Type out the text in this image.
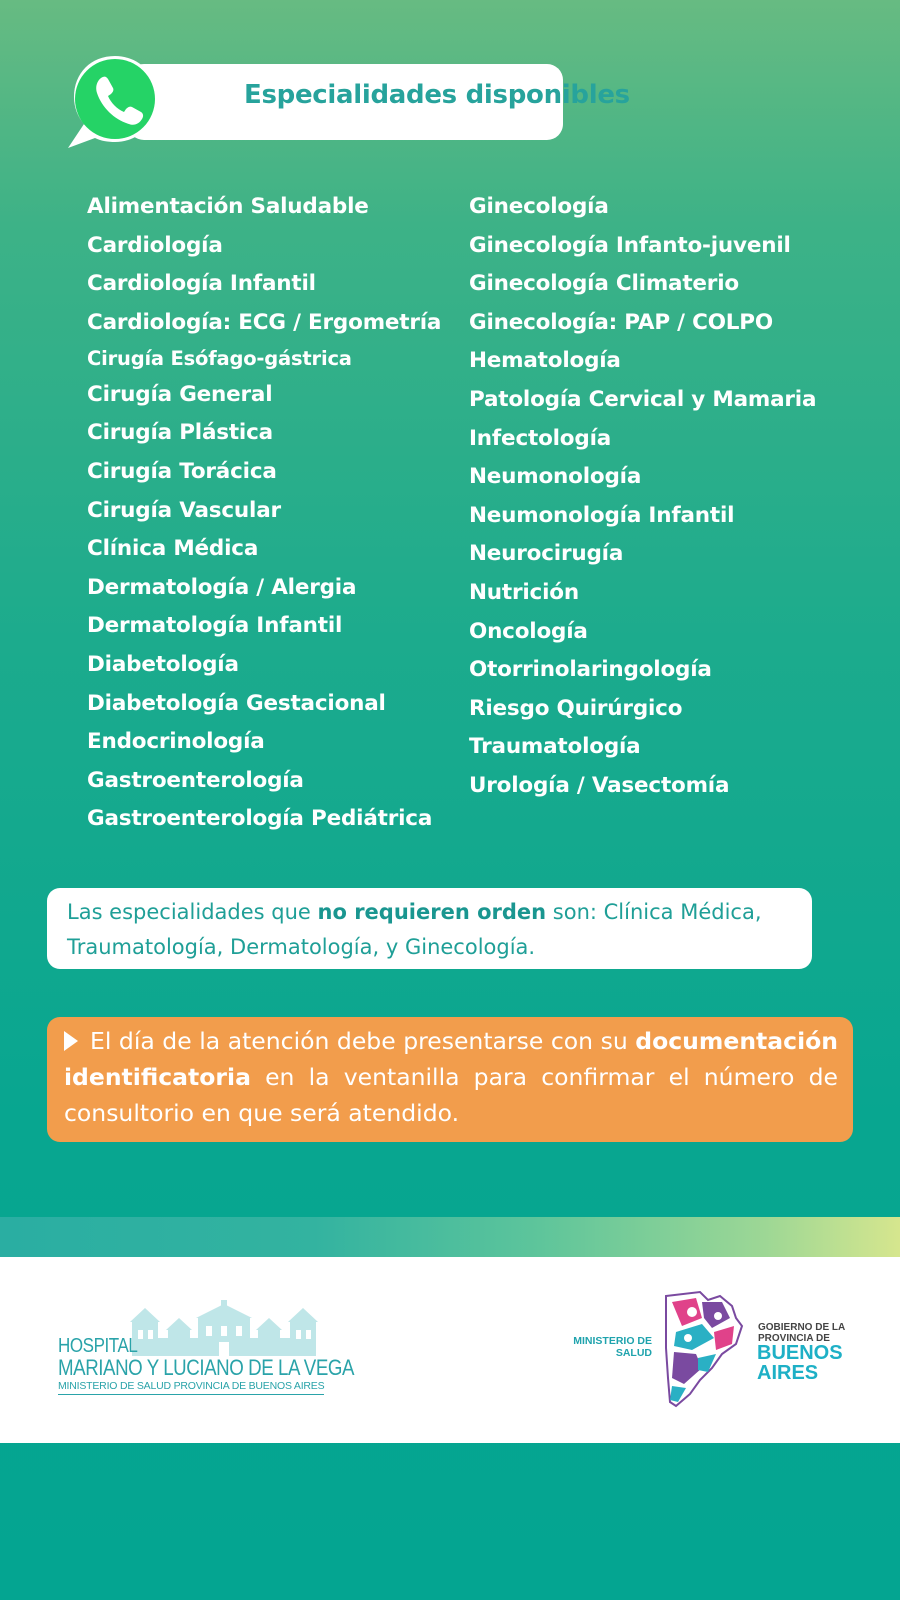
Especialidades disponibles
Alimentación Saludable
Cardiología
Cardiología Infantil
Cardiología: ECG / Ergometría
Cirugía Esófago-gástrica
Cirugía General
Cirugía Plástica
Cirugía Torácica
Cirugía Vascular
Clínica Médica
Dermatología / Alergia
Dermatología Infantil
Diabetología
Diabetología Gestacional
Endocrinología
Gastroenterología
Gastroenterología Pediátrica
Ginecología
Ginecología Infanto-juvenil
Ginecología Climaterio
Ginecología: PAP / COLPO
Hematología
Patología Cervical y Mamaria
Infectología
Neumonología
Neumonología Infantil
Neurocirugía
Nutrición
Oncología
Otorrinolaringología
Riesgo Quirúrgico
Traumatología
Urología / Vasectomía
Las especialidades que no requieren orden son: Clínica Médica, Traumatología, Dermatología, y Ginecología.
El día de la atención debe presentarse con su documentación identificatoria en la ventanilla para confirmar el número de consultorio en que será atendido.
HOSPITAL
MARIANO Y LUCIANO DE LA VEGA
MINISTERIO DE SALUD PROVINCIA DE BUENOS AIRES
MINISTERIO DE
SALUD
GOBIERNO DE LA
PROVINCIA DE
BUENOS
AIRES
